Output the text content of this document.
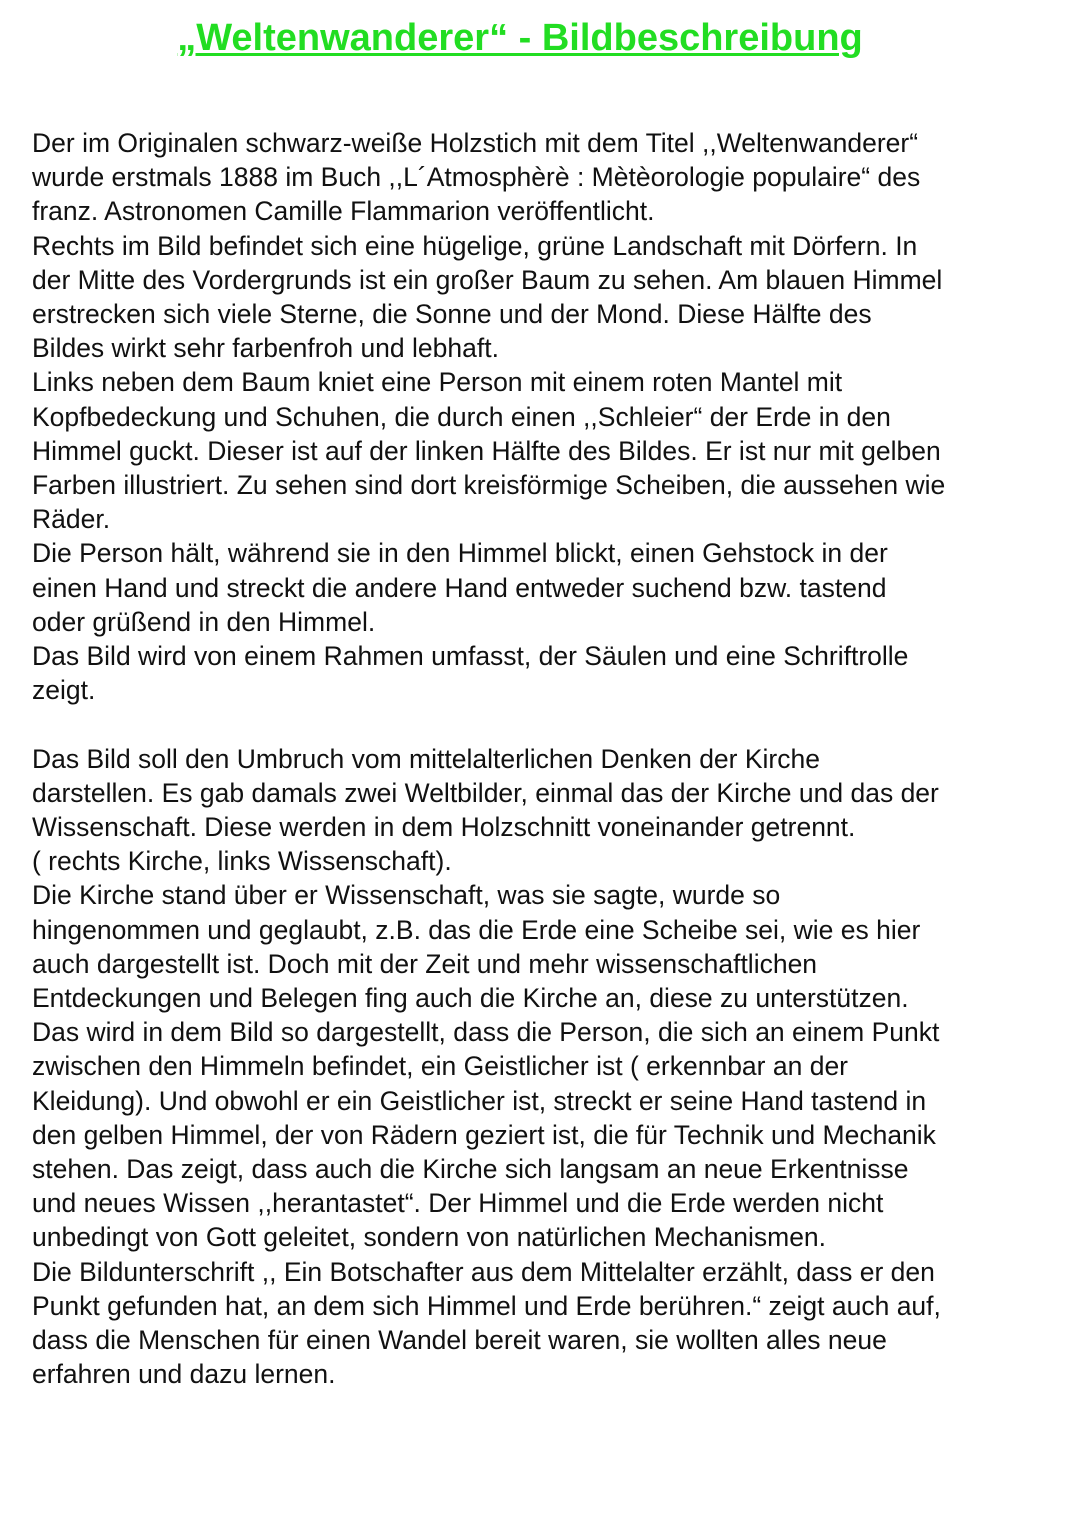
„Weltenwanderer“ - Bildbeschreibung
Der im Originalen schwarz-weiße Holzstich mit dem Titel ,,Weltenwanderer“
wurde erstmals 1888 im Buch ,,L´Atmosphèrè : Mètèorologie populaire“ des
franz. Astronomen Camille Flammarion veröffentlicht.
Rechts im Bild befindet sich eine hügelige, grüne Landschaft mit Dörfern. In
der Mitte des Vordergrunds ist ein großer Baum zu sehen. Am blauen Himmel
erstrecken sich viele Sterne, die Sonne und der Mond. Diese Hälfte des
Bildes wirkt sehr farbenfroh und lebhaft.
Links neben dem Baum kniet eine Person mit einem roten Mantel mit
Kopfbedeckung und Schuhen, die durch einen ,,Schleier“ der Erde in den
Himmel guckt. Dieser ist auf der linken Hälfte des Bildes. Er ist nur mit gelben
Farben illustriert. Zu sehen sind dort kreisförmige Scheiben, die aussehen wie
Räder.
Die Person hält, während sie in den Himmel blickt, einen Gehstock in der
einen Hand und streckt die andere Hand entweder suchend bzw. tastend
oder grüßend in den Himmel.
Das Bild wird von einem Rahmen umfasst, der Säulen und eine Schriftrolle
zeigt.
Das Bild soll den Umbruch vom mittelalterlichen Denken der Kirche
darstellen. Es gab damals zwei Weltbilder, einmal das der Kirche und das der
Wissenschaft. Diese werden in dem Holzschnitt voneinander getrennt.
( rechts Kirche, links Wissenschaft).
Die Kirche stand über er Wissenschaft, was sie sagte, wurde so
hingenommen und geglaubt, z.B. das die Erde eine Scheibe sei, wie es hier
auch dargestellt ist. Doch mit der Zeit und mehr wissenschaftlichen
Entdeckungen und Belegen fing auch die Kirche an, diese zu unterstützen.
Das wird in dem Bild so dargestellt, dass die Person, die sich an einem Punkt
zwischen den Himmeln befindet, ein Geistlicher ist ( erkennbar an der
Kleidung). Und obwohl er ein Geistlicher ist, streckt er seine Hand tastend in
den gelben Himmel, der von Rädern geziert ist, die für Technik und Mechanik
stehen. Das zeigt, dass auch die Kirche sich langsam an neue Erkentnisse
und neues Wissen ,,herantastet“. Der Himmel und die Erde werden nicht
unbedingt von Gott geleitet, sondern von natürlichen Mechanismen.
Die Bildunterschrift ,, Ein Botschafter aus dem Mittelalter erzählt, dass er den
Punkt gefunden hat, an dem sich Himmel und Erde berühren.“ zeigt auch auf,
dass die Menschen für einen Wandel bereit waren, sie wollten alles neue
erfahren und dazu lernen.
